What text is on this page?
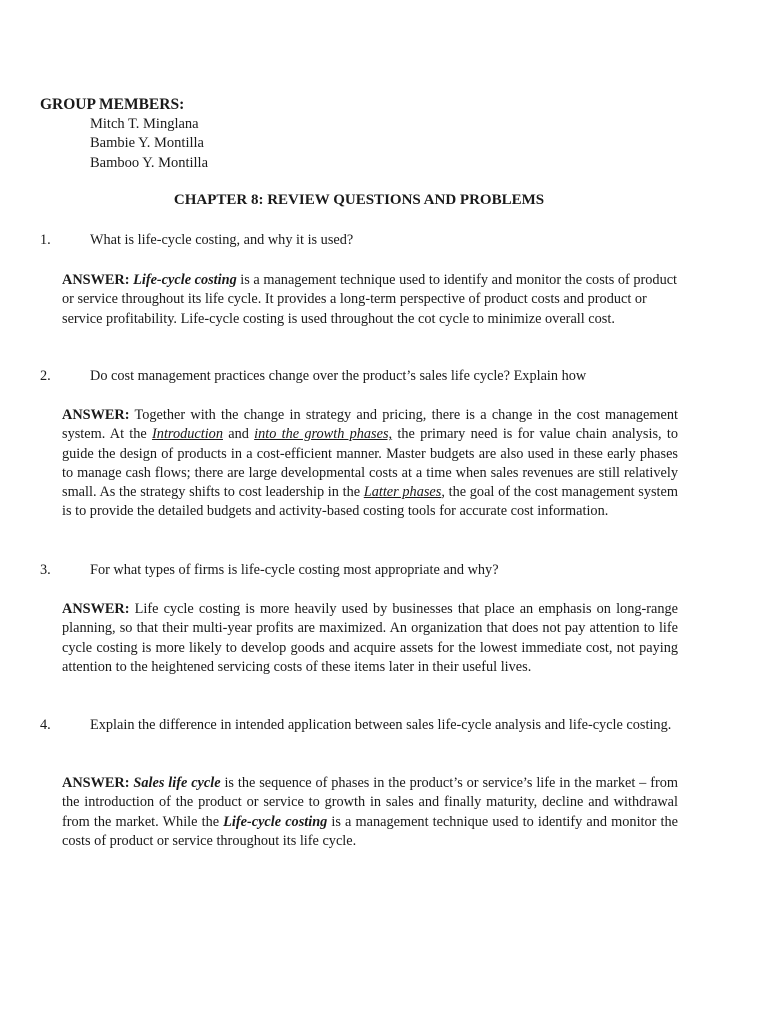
GROUP MEMBERS:
Mitch T. Minglana
Bambie Y. Montilla
Bamboo Y. Montilla
CHAPTER 8: REVIEW QUESTIONS AND PROBLEMS
1.	What is life-cycle costing, and why it is used?
ANSWER: Life-cycle costing is a management technique used to identify and monitor the costs of product or service throughout its life cycle. It provides a long-term perspective of product costs and product or service profitability. Life-cycle costing is used throughout the cot cycle to minimize overall cost.
2.	Do cost management practices change over the product’s sales life cycle? Explain how
ANSWER: Together with the change in strategy and pricing, there is a change in the cost management system. At the Introduction and into the growth phases, the primary need is for value chain analysis, to guide the design of products in a cost-efficient manner. Master budgets are also used in these early phases to manage cash flows; there are large developmental costs at a time when sales revenues are still relatively small. As the strategy shifts to cost leadership in the Latter phases, the goal of the cost management system is to provide the detailed budgets and activity-based costing tools for accurate cost information.
3.	For what types of firms is life-cycle costing most appropriate and why?
ANSWER: Life cycle costing is more heavily used by businesses that place an emphasis on long-range planning, so that their multi-year profits are maximized. An organization that does not pay attention to life cycle costing is more likely to develop goods and acquire assets for the lowest immediate cost, not paying attention to the heightened servicing costs of these items later in their useful lives.
4.	Explain the difference in intended application between sales life-cycle analysis and life-cycle costing.
ANSWER: Sales life cycle is the sequence of phases in the product’s or service’s life in the market – from the introduction of the product or service to growth in sales and finally maturity, decline and withdrawal from the market. While the Life-cycle costing is a management technique used to identify and monitor the costs of product or service throughout its life cycle.
